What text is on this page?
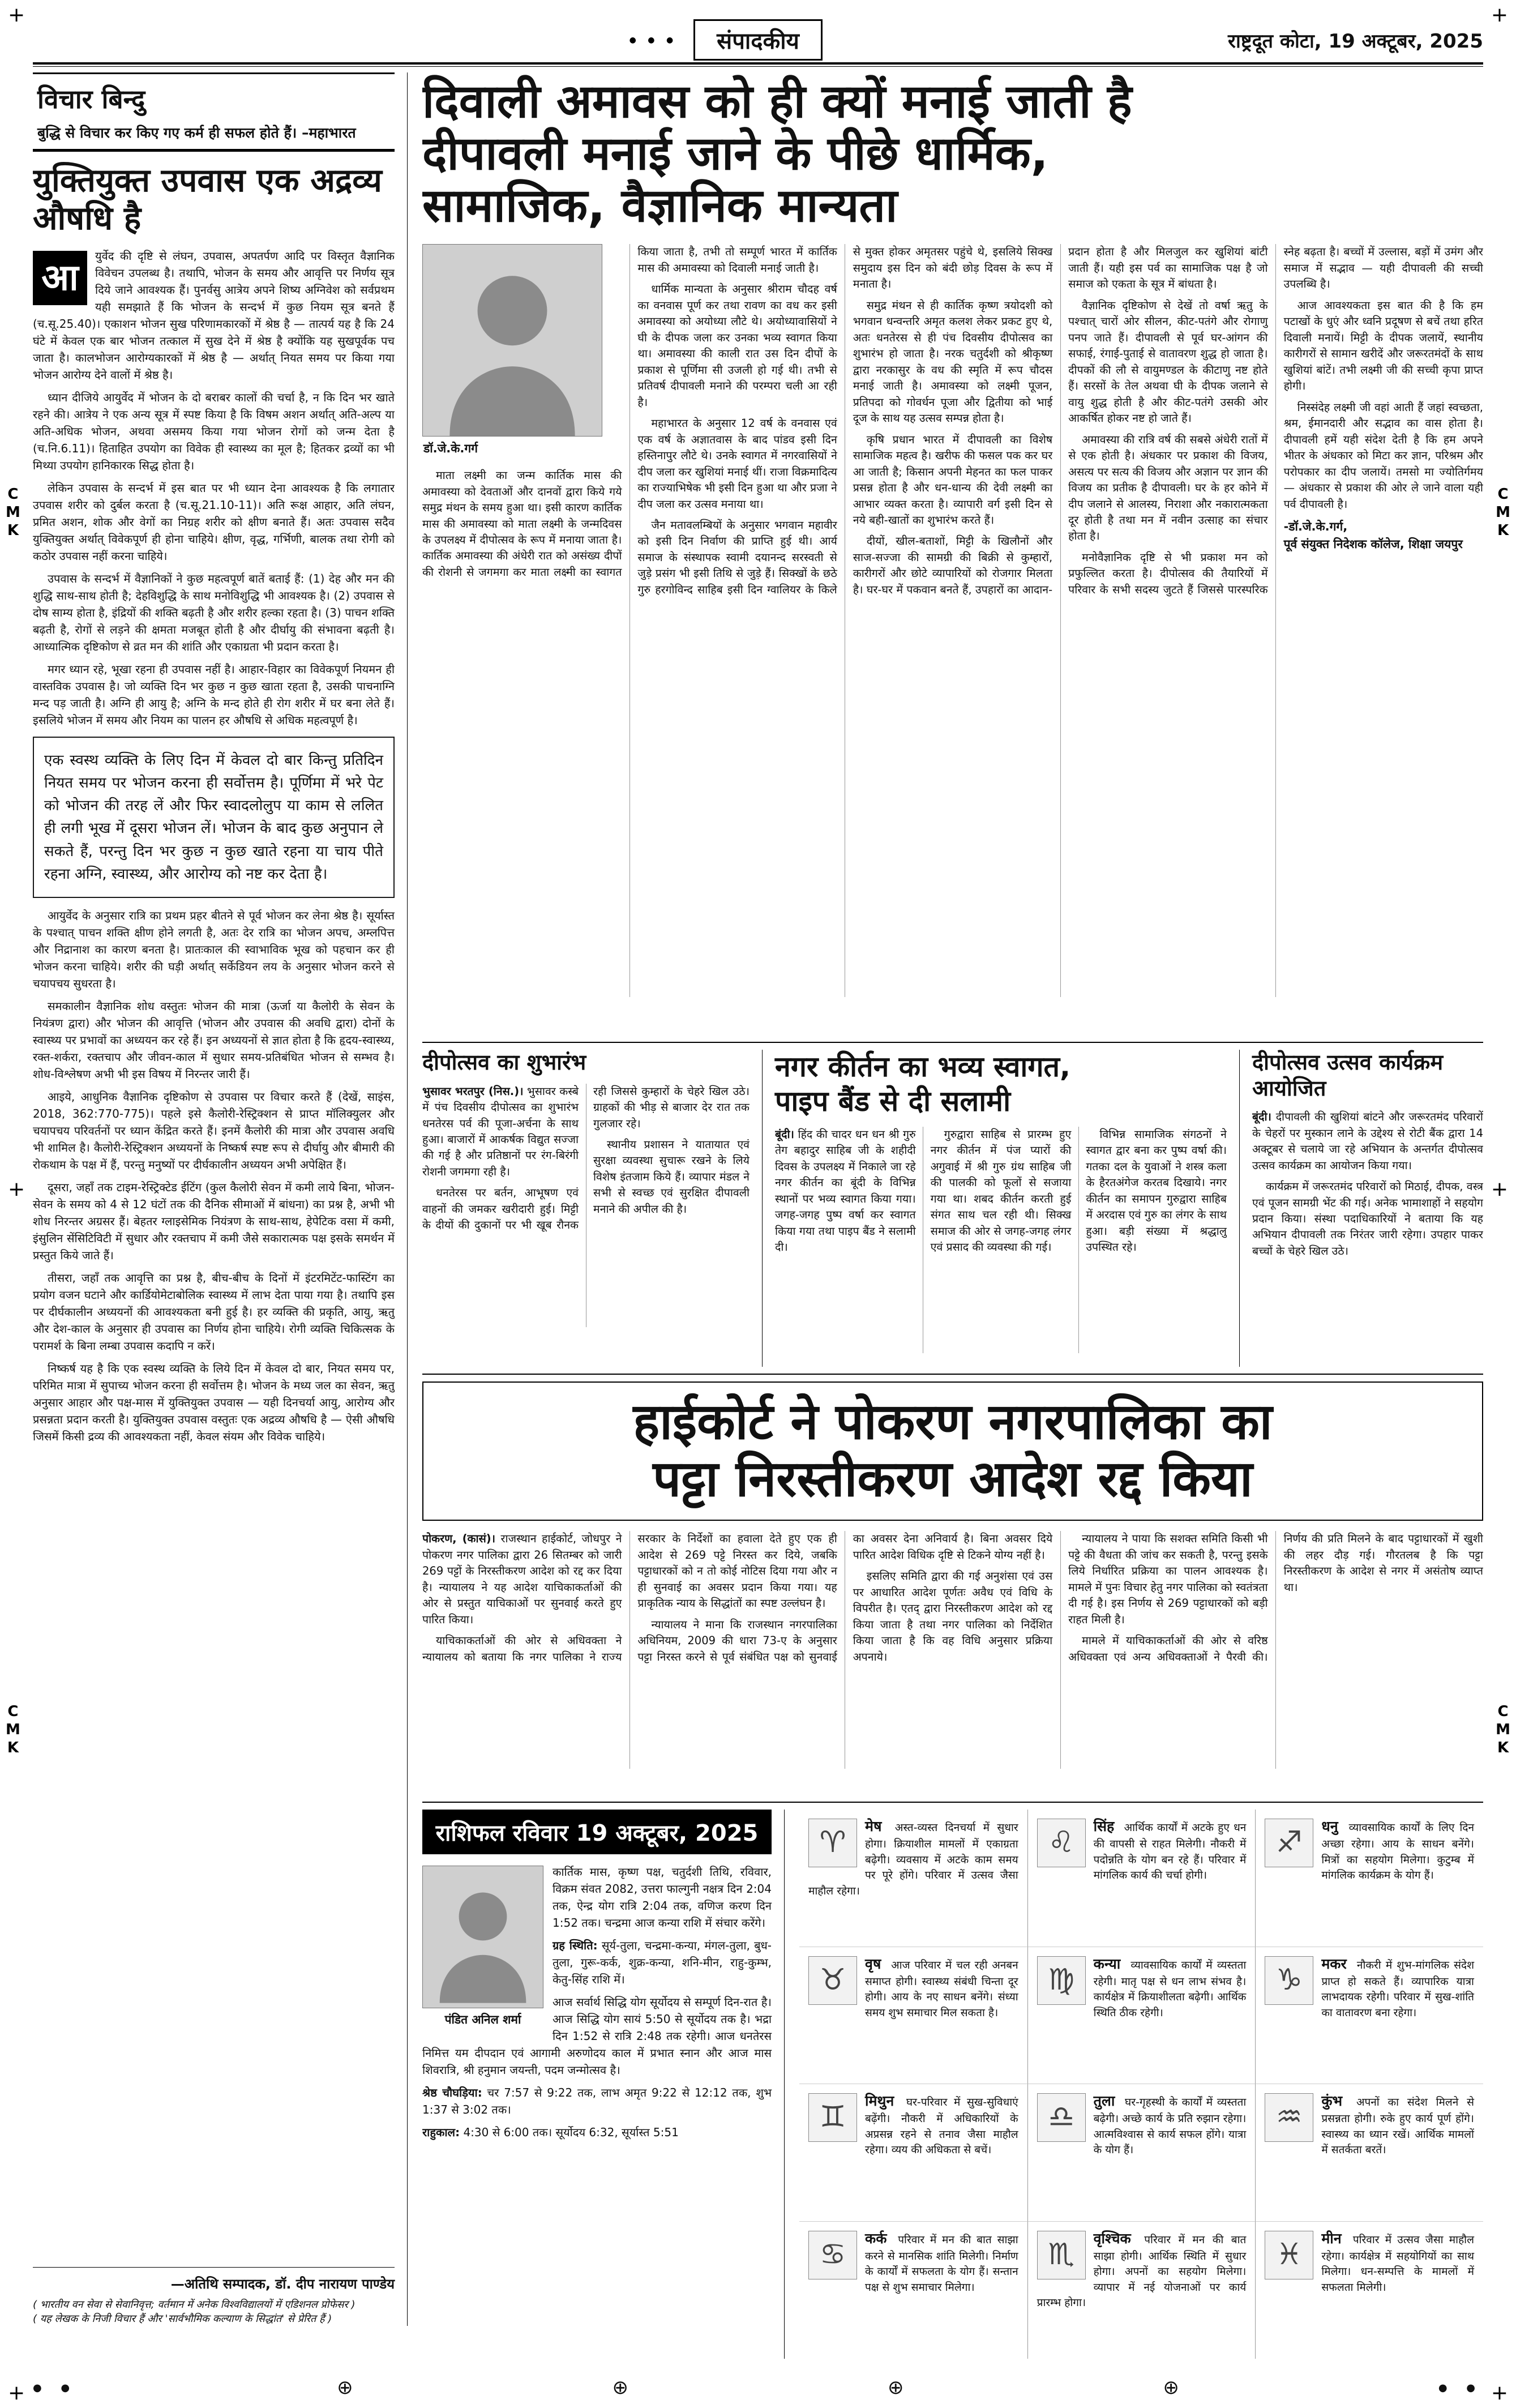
+	+
+	+
+	+
C
M
K
C
M
K
C
M
K
C
M
K
● ● ●	संपादकीय	राष्ट्रदूत कोटा, 19 अक्टूबर, 2025
विचार बिन्दु
बुद्धि से विचार कर किए गए कर्म ही सफल होते हैं। –महाभारत
युक्तियुक्त उपवास एक अद्रव्य औषधि है

आ
युर्वेद की दृष्टि से लंघन, उपवास, अपतर्पण आदि पर विस्तृत वैज्ञानिक विवेचन उपलब्ध है। तथापि, भोजन के समय और आवृत्ति पर निर्णय सूत्र दिये जाने आवश्यक हैं। पुनर्वसु आत्रेय अपने शिष्य अग्निवेश को सर्वप्रथम यही समझाते हैं कि भोजन के सन्दर्भ में कुछ नियम सूत्र बनते हैं (च.सू.25.40)। एकाशन भोजन सुख परिणामकारकों में श्रेष्ठ है — तात्पर्य यह है कि 24 घंटे में केवल एक बार भोजन तत्काल में सुख देने में श्रेष्ठ है क्योंकि यह सुखपूर्वक पच जाता है। कालभोजन आरोग्यकारकों में श्रेष्ठ है — अर्थात् नियत समय पर किया गया भोजन आरोग्य देने वालों में श्रेष्ठ है।

ध्यान दीजिये आयुर्वेद में भोजन के दो बराबर कालों की चर्चा है, न कि दिन भर खाते रहने की। आत्रेय ने एक अन्य सूत्र में स्पष्ट किया है कि विषम अशन अर्थात् अति-अल्प या अति-अधिक भोजन, अथवा असमय किया गया भोजन रोगों को जन्म देता है (च.नि.6.11)। हिताहित उपयोग का विवेक ही स्वास्थ्य का मूल है; हितकर द्रव्यों का भी मिथ्या उपयोग हानिकारक सिद्ध होता है।

लेकिन उपवास के सन्दर्भ में इस बात पर भी ध्यान देना आवश्यक है कि लगातार उपवास शरीर को दुर्बल करता है (च.सू.21.10-11)। अति रूक्ष आहार, अति लंघन, प्रमित अशन, शोक और वेगों का निग्रह शरीर को क्षीण बनाते हैं। अतः उपवास सदैव युक्तियुक्त अर्थात् विवेकपूर्ण ही होना चाहिये। क्षीण, वृद्ध, गर्भिणी, बालक तथा रोगी को कठोर उपवास नहीं करना चाहिये।

उपवास के सन्दर्भ में वैज्ञानिकों ने कुछ महत्वपूर्ण बातें बताई हैं: (1) देह और मन की शुद्धि साथ-साथ होती है; देहविशुद्धि के साथ मनोविशुद्धि भी आवश्यक है। (2) उपवास से दोष साम्य होता है, इंद्रियों की शक्ति बढ़ती है और शरीर हल्का रहता है। (3) पाचन शक्ति बढ़ती है, रोगों से लड़ने की क्षमता मजबूत होती है और दीर्घायु की संभावना बढ़ती है। आध्यात्मिक दृष्टिकोण से व्रत मन की शांति और एकाग्रता भी प्रदान करता है।

मगर ध्यान रहे, भूखा रहना ही उपवास नहीं है। आहार-विहार का विवेकपूर्ण नियमन ही वास्तविक उपवास है। जो व्यक्ति दिन भर कुछ न कुछ खाता रहता है, उसकी पाचनाग्नि मन्द पड़ जाती है। अग्नि ही आयु है; अग्नि के मन्द होते ही रोग शरीर में घर बना लेते हैं। इसलिये भोजन में समय और नियम का पालन हर औषधि से अधिक महत्वपूर्ण है।

एक स्वस्थ व्यक्ति के लिए दिन में केवल दो बार किन्तु प्रतिदिन नियत समय पर भोजन करना ही सर्वोत्तम है। पूर्णिमा में भरे पेट को भोजन की तरह लें और फिर स्वादलोलुप या काम से ललित ही लगी भूख में दूसरा भोजन लें। भोजन के बाद कुछ अनुपान ले सकते हैं, परन्तु दिन भर कुछ न कुछ खाते रहना या चाय पीते रहना अग्नि, स्वास्थ्य, और आरोग्य को नष्ट कर देता है।

आयुर्वेद के अनुसार रात्रि का प्रथम प्रहर बीतने से पूर्व भोजन कर लेना श्रेष्ठ है। सूर्यास्त के पश्चात् पाचन शक्ति क्षीण होने लगती है, अतः देर रात्रि का भोजन अपच, अम्लपित्त और निद्रानाश का कारण बनता है। प्रातःकाल की स्वाभाविक भूख को पहचान कर ही भोजन करना चाहिये। शरीर की घड़ी अर्थात् सर्केडियन लय के अनुसार भोजन करने से चयापचय सुधरता है।

समकालीन वैज्ञानिक शोध वस्तुतः भोजन की मात्रा (ऊर्जा या कैलोरी के सेवन के नियंत्रण द्वारा) और भोजन की आवृत्ति (भोजन और उपवास की अवधि द्वारा) दोनों के स्वास्थ्य पर प्रभावों का अध्ययन कर रहे हैं। इन अध्ययनों से ज्ञात होता है कि हृदय-स्वास्थ्य, रक्त-शर्करा, रक्तचाप और जीवन-काल में सुधार समय-प्रतिबंधित भोजन से सम्भव है। शोध-विश्लेषण अभी भी इस विषय में निरन्तर जारी हैं।

आइये, आधुनिक वैज्ञानिक दृष्टिकोण से उपवास पर विचार करते हैं (देखें, साइंस, 2018, 362:770-775)। पहले इसे कैलोरी-रेस्ट्रिक्शन से प्राप्त मॉलिक्युलर और चयापचय परिवर्तनों पर ध्यान केंद्रित करते हैं। इनमें कैलोरी की मात्रा और उपवास अवधि भी शामिल है। कैलोरी-रेस्ट्रिक्शन अध्ययनों के निष्कर्ष स्पष्ट रूप से दीर्घायु और बीमारी की रोकथाम के पक्ष में हैं, परन्तु मनुष्यों पर दीर्घकालीन अध्ययन अभी अपेक्षित हैं।

दूसरा, जहाँ तक टाइम-रेस्ट्रिक्टेड ईटिंग (कुल कैलोरी सेवन में कमी लाये बिना, भोजन-सेवन के समय को 4 से 12 घंटों तक की दैनिक सीमाओं में बांधना) का प्रश्न है, अभी भी शोध निरन्तर अग्रसर हैं। बेहतर ग्लाइसेमिक नियंत्रण के साथ-साथ, हेपेटिक वसा में कमी, इंसुलिन सेंसिटिविटी में सुधार और रक्तचाप में कमी जैसे सकारात्मक पक्ष इसके समर्थन में प्रस्तुत किये जाते हैं।

तीसरा, जहाँ तक आवृत्ति का प्रश्न है, बीच-बीच के दिनों में इंटरमिटेंट-फास्टिंग का प्रयोग वजन घटाने और कार्डियोमेटाबोलिक स्वास्थ्य में लाभ देता पाया गया है। तथापि इस पर दीर्घकालीन अध्ययनों की आवश्यकता बनी हुई है। हर व्यक्ति की प्रकृति, आयु, ऋतु और देश-काल के अनुसार ही उपवास का निर्णय होना चाहिये। रोगी व्यक्ति चिकित्सक के परामर्श के बिना लम्बा उपवास कदापि न करें।

निष्कर्ष यह है कि एक स्वस्थ व्यक्ति के लिये दिन में केवल दो बार, नियत समय पर, परिमित मात्रा में सुपाच्य भोजन करना ही सर्वोत्तम है। भोजन के मध्य जल का सेवन, ऋतु अनुसार आहार और पक्ष-मास में युक्तियुक्त उपवास — यही दिनचर्या आयु, आरोग्य और प्रसन्नता प्रदान करती है। युक्तियुक्त उपवास वस्तुतः एक अद्रव्य औषधि है — ऐसी औषधि जिसमें किसी द्रव्य की आवश्यकता नहीं, केवल संयम और विवेक चाहिये।

—अतिथि सम्पादक, डॉ. दीप नारायण पाण्डेय
( भारतीय वन सेवा से सेवानिवृत्त; वर्तमान में अनेक विश्वविद्यालयों में एडिशनल प्रोफेसर )
( यह लेखक के निजी विचार हैं और 'सार्वभौमिक कल्याण के सिद्धांत' से प्रेरित हैं )
दिवाली अमावस को ही क्यों मनाई जाती है
दीपावली मनाई जाने के पीछे धार्मिक,
सामाजिक, वैज्ञानिक मान्यता
डॉ.जे.के.गर्ग

माता लक्ष्मी का जन्म कार्तिक मास की अमावस्या को देवताओं और दानवों द्वारा किये गये समुद्र मंथन के समय हुआ था। इसी कारण कार्तिक मास की अमावस्या को माता लक्ष्मी के जन्मदिवस के उपलक्ष्य में दीपोत्सव के रूप में मनाया जाता है। कार्तिक अमावस्या की अंधेरी रात को असंख्य दीपों की रोशनी से जगमगा कर माता लक्ष्मी का स्वागत किया जाता है, तभी तो सम्पूर्ण भारत में कार्तिक मास की अमावस्या को दिवाली मनाई जाती है।

धार्मिक मान्यता के अनुसार श्रीराम चौदह वर्ष का वनवास पूर्ण कर तथा रावण का वध कर इसी अमावस्या को अयोध्या लौटे थे। अयोध्यावासियों ने घी के दीपक जला कर उनका भव्य स्वागत किया था। अमावस्या की काली रात उस दिन दीपों के प्रकाश से पूर्णिमा सी उजली हो गई थी। तभी से प्रतिवर्ष दीपावली मनाने की परम्परा चली आ रही है।

महाभारत के अनुसार 12 वर्ष के वनवास एवं एक वर्ष के अज्ञातवास के बाद पांडव इसी दिन हस्तिनापुर लौटे थे। उनके स्वागत में नगरवासियों ने दीप जला कर खुशियां मनाई थीं। राजा विक्रमादित्य का राज्याभिषेक भी इसी दिन हुआ था और प्रजा ने दीप जला कर उत्सव मनाया था।

जैन मतावलम्बियों के अनुसार भगवान महावीर को इसी दिन निर्वाण की प्राप्ति हुई थी। आर्य समाज के संस्थापक स्वामी दयानन्द सरस्वती से जुड़े प्रसंग भी इसी तिथि से जुड़े हैं। सिक्खों के छठे गुरु हरगोविन्द साहिब इसी दिन ग्वालियर के किले से मुक्त होकर अमृतसर पहुंचे थे, इसलिये सिक्ख समुदाय इस दिन को बंदी छोड़ दिवस के रूप में मनाता है।

समुद्र मंथन से ही कार्तिक कृष्ण त्रयोदशी को भगवान धन्वन्तरि अमृत कलश लेकर प्रकट हुए थे, अतः धनतेरस से ही पंच दिवसीय दीपोत्सव का शुभारंभ हो जाता है। नरक चतुर्दशी को श्रीकृष्ण द्वारा नरकासुर के वध की स्मृति में रूप चौदस मनाई जाती है। अमावस्या को लक्ष्मी पूजन, प्रतिपदा को गोवर्धन पूजा और द्वितीया को भाई दूज के साथ यह उत्सव सम्पन्न होता है।

कृषि प्रधान भारत में दीपावली का विशेष सामाजिक महत्व है। खरीफ की फसल पक कर घर आ जाती है; किसान अपनी मेहनत का फल पाकर प्रसन्न होता है और धन-धान्य की देवी लक्ष्मी का आभार व्यक्त करता है। व्यापारी वर्ग इसी दिन से नये बही-खातों का शुभारंभ करते हैं।

दीयों, खील-बताशों, मिट्टी के खिलौनों और साज-सज्जा की सामग्री की बिक्री से कुम्हारों, कारीगरों और छोटे व्यापारियों को रोजगार मिलता है। घर-घर में पकवान बनते हैं, उपहारों का आदान-प्रदान होता है और मिलजुल कर खुशियां बांटी जाती हैं। यही इस पर्व का सामाजिक पक्ष है जो समाज को एकता के सूत्र में बांधता है।

वैज्ञानिक दृष्टिकोण से देखें तो वर्षा ऋतु के पश्चात् चारों ओर सीलन, कीट-पतंगे और रोगाणु पनप जाते हैं। दीपावली से पूर्व घर-आंगन की सफाई, रंगाई-पुताई से वातावरण शुद्ध हो जाता है। दीपकों की लौ से वायुमण्डल के कीटाणु नष्ट होते हैं। सरसों के तेल अथवा घी के दीपक जलाने से वायु शुद्ध होती है और कीट-पतंगे उसकी ओर आकर्षित होकर नष्ट हो जाते हैं।

अमावस्या की रात्रि वर्ष की सबसे अंधेरी रातों में से एक होती है। अंधकार पर प्रकाश की विजय, असत्य पर सत्य की विजय और अज्ञान पर ज्ञान की विजय का प्रतीक है दीपावली। घर के हर कोने में दीप जलाने से आलस्य, निराशा और नकारात्मकता दूर होती है तथा मन में नवीन उत्साह का संचार होता है।

मनोवैज्ञानिक दृष्टि से भी प्रकाश मन को प्रफुल्लित करता है। दीपोत्सव की तैयारियों में परिवार के सभी सदस्य जुटते हैं जिससे पारस्परिक स्नेह बढ़ता है। बच्चों में उल्लास, बड़ों में उमंग और समाज में सद्भाव — यही दीपावली की सच्ची उपलब्धि है।

आज आवश्यकता इस बात की है कि हम पटाखों के धुएं और ध्वनि प्रदूषण से बचें तथा हरित दिवाली मनायें। मिट्टी के दीपक जलायें, स्थानीय कारीगरों से सामान खरीदें और जरूरतमंदों के साथ खुशियां बांटें। तभी लक्ष्मी जी की सच्ची कृपा प्राप्त होगी।

निस्संदेह लक्ष्मी जी वहां आती हैं जहां स्वच्छता, श्रम, ईमानदारी और सद्भाव का वास होता है। दीपावली हमें यही संदेश देती है कि हम अपने भीतर के अंधकार को मिटा कर ज्ञान, परिश्रम और परोपकार का दीप जलायें। तमसो मा ज्योतिर्गमय — अंधकार से प्रकाश की ओर ले जाने वाला यही पर्व दीपावली है।

-डॉ.जे.के.गर्ग,
पूर्व संयुक्त निदेशक कॉलेज, शिक्षा जयपुर
दीपोत्सव का शुभारंभ

भुसावर भरतपुर (निस.)। भुसावर कस्बे में पंच दिवसीय दीपोत्सव का शुभारंभ धनतेरस पर्व की पूजा-अर्चना के साथ हुआ। बाजारों में आकर्षक विद्युत सज्जा की गई है और प्रतिष्ठानों पर रंग-बिरंगी रोशनी जगमगा रही है।

धनतेरस पर बर्तन, आभूषण एवं वाहनों की जमकर खरीदारी हुई। मिट्टी के दीयों की दुकानों पर भी खूब रौनक रही जिससे कुम्हारों के चेहरे खिल उठे। ग्राहकों की भीड़ से बाजार देर रात तक गुलजार रहे।

स्थानीय प्रशासन ने यातायात एवं सुरक्षा व्यवस्था सुचारू रखने के लिये विशेष इंतजाम किये हैं। व्यापार मंडल ने सभी से स्वच्छ एवं सुरक्षित दीपावली मनाने की अपील की है।

नगर कीर्तन का भव्य स्वागत,
पाइप बैंड से दी सलामी

बूंदी। हिंद की चादर धन धन श्री गुरु तेग बहादुर साहिब जी के शहीदी दिवस के उपलक्ष्य में निकाले जा रहे नगर कीर्तन का बूंदी के विभिन्न स्थानों पर भव्य स्वागत किया गया। जगह-जगह पुष्प वर्षा कर स्वागत किया गया तथा पाइप बैंड ने सलामी दी।

गुरुद्वारा साहिब से प्रारम्भ हुए नगर कीर्तन में पंज प्यारों की अगुवाई में श्री गुरु ग्रंथ साहिब जी की पालकी को फूलों से सजाया गया था। शबद कीर्तन करती हुई संगत साथ चल रही थी। सिक्ख समाज की ओर से जगह-जगह लंगर एवं प्रसाद की व्यवस्था की गई।

विभिन्न सामाजिक संगठनों ने स्वागत द्वार बना कर पुष्प वर्षा की। गतका दल के युवाओं ने शस्त्र कला के हैरतअंगेज करतब दिखाये। नगर कीर्तन का समापन गुरुद्वारा साहिब में अरदास एवं गुरु का लंगर के साथ हुआ। बड़ी संख्या में श्रद्धालु उपस्थित रहे।

दीपोत्सव उत्सव कार्यक्रम आयोजित

बूंदी। दीपावली की खुशियां बांटने और जरूरतमंद परिवारों के चेहरों पर मुस्कान लाने के उद्देश्य से रोटी बैंक द्वारा 14 अक्टूबर से चलाये जा रहे अभियान के अन्तर्गत दीपोत्सव उत्सव कार्यक्रम का आयोजन किया गया।

कार्यक्रम में जरूरतमंद परिवारों को मिठाई, दीपक, वस्त्र एवं पूजन सामग्री भेंट की गई। अनेक भामाशाहों ने सहयोग प्रदान किया। संस्था पदाधिकारियों ने बताया कि यह अभियान दीपावली तक निरंतर जारी रहेगा। उपहार पाकर बच्चों के चेहरे खिल उठे।

हाईकोर्ट ने पोकरण नगरपालिका का
पट्टा निरस्तीकरण आदेश रद्द किया

पोकरण, (कासं)। राजस्थान हाईकोर्ट, जोधपुर ने पोकरण नगर पालिका द्वारा 26 सितम्बर को जारी 269 पट्टों के निरस्तीकरण आदेश को रद्द कर दिया है। न्यायालय ने यह आदेश याचिकाकर्ताओं की ओर से प्रस्तुत याचिकाओं पर सुनवाई करते हुए पारित किया।

याचिकाकर्ताओं की ओर से अधिवक्ता ने न्यायालय को बताया कि नगर पालिका ने राज्य सरकार के निर्देशों का हवाला देते हुए एक ही आदेश से 269 पट्टे निरस्त कर दिये, जबकि पट्टाधारकों को न तो कोई नोटिस दिया गया और न ही सुनवाई का अवसर प्रदान किया गया। यह प्राकृतिक न्याय के सिद्धांतों का स्पष्ट उल्लंघन है।

न्यायालय ने माना कि राजस्थान नगरपालिका अधिनियम, 2009 की धारा 73-ए के अनुसार पट्टा निरस्त करने से पूर्व संबंधित पक्ष को सुनवाई का अवसर देना अनिवार्य है। बिना अवसर दिये पारित आदेश विधिक दृष्टि से टिकने योग्य नहीं है।

इसलिए समिति द्वारा की गई अनुशंसा एवं उस पर आधारित आदेश पूर्णतः अवैध एवं विधि के विपरीत है। एतद् द्वारा निरस्तीकरण आदेश को रद्द किया जाता है तथा नगर पालिका को निर्देशित किया जाता है कि वह विधि अनुसार प्रक्रिया अपनाये।

न्यायालय ने पाया कि सशक्त समिति किसी भी पट्टे की वैधता की जांच कर सकती है, परन्तु इसके लिये निर्धारित प्रक्रिया का पालन आवश्यक है। मामले में पुनः विचार हेतु नगर पालिका को स्वतंत्रता दी गई है। इस निर्णय से 269 पट्टाधारकों को बड़ी राहत मिली है।

मामले में याचिकाकर्ताओं की ओर से वरिष्ठ अधिवक्ता एवं अन्य अधिवक्ताओं ने पैरवी की। निर्णय की प्रति मिलने के बाद पट्टाधारकों में खुशी की लहर दौड़ गई। गौरतलब है कि पट्टा निरस्तीकरण के आदेश से नगर में असंतोष व्याप्त था।

राशिफल रविवार 19 अक्टूबर, 2025
पंडित अनिल शर्मा

कार्तिक मास, कृष्ण पक्ष, चतुर्दशी तिथि, रविवार, विक्रम संवत 2082, उत्तरा फाल्गुनी नक्षत्र दिन 2:04 तक, ऐन्द्र योग रात्रि 2:04 तक, वणिज करण दिन 1:52 तक। चन्द्रमा आज कन्या राशि में संचार करेंगे।

ग्रह स्थिति: सूर्य-तुला, चन्द्रमा-कन्या, मंगल-तुला, बुध-तुला, गुरू-कर्क, शुक्र-कन्या, शनि-मीन, राहु-कुम्भ, केतु-सिंह राशि में।

आज सर्वार्थ सिद्धि योग सूर्योदय से सम्पूर्ण दिन-रात है। आज सिद्धि योग सायं 5:50 से सूर्योदय तक है। भद्रा दिन 1:52 से रात्रि 2:48 तक रहेगी। आज धनतेरस निमित्त यम दीपदान एवं आगामी अरुणोदय काल में प्रभात स्नान और आज मास शिवरात्रि, श्री हनुमान जयन्ती, पदम जन्मोत्सव है।

श्रेष्ठ चौघड़िया: चर 7:57 से 9:22 तक, लाभ अमृत 9:22 से 12:12 तक, शुभ 1:37 से 3:02 तक।

राहुकाल: 4:30 से 6:00 तक। सूर्योदय 6:32, सूर्यास्त 5:51

♈	मेष अस्त-व्यस्त दिनचर्या में सुधार होगा। क्रियाशील मामलों में एकाग्रता बढ़ेगी। व्यवसाय में अटके काम समय पर पूरे होंगे। परिवार में उत्सव जैसा माहौल रहेगा।
♉	वृष आज परिवार में चल रही अनबन समाप्त होगी। स्वास्थ्य संबंधी चिन्ता दूर होगी। आय के नए साधन बनेंगे। संध्या समय शुभ समाचार मिल सकता है।
♊	मिथुन घर-परिवार में सुख-सुविधाएं बढ़ेंगी। नौकरी में अधिकारियों के अप्रसन्न रहने से तनाव जैसा माहौल रहेगा। व्यय की अधिकता से बचें।
♋	कर्क परिवार में मन की बात साझा करने से मानसिक शांति मिलेगी। निर्माण के कार्यों में सफलता के योग हैं। सन्तान पक्ष से शुभ समाचार मिलेगा।
♌	सिंह आर्थिक कार्यों में अटके हुए धन की वापसी से राहत मिलेगी। नौकरी में पदोन्नति के योग बन रहे हैं। परिवार में मांगलिक कार्य की चर्चा होगी।
♍	कन्या व्यावसायिक कार्यों में व्यस्तता रहेगी। मातृ पक्ष से धन लाभ संभव है। कार्यक्षेत्र में क्रियाशीलता बढ़ेगी। आर्थिक स्थिति ठीक रहेगी।
♎	तुला घर-गृहस्थी के कार्यों में व्यस्तता बढ़ेगी। अच्छे कार्य के प्रति रुझान रहेगा। आत्मविश्वास से कार्य सफल होंगे। यात्रा के योग हैं।
♏	वृश्चिक परिवार में मन की बात साझा होगी। आर्थिक स्थिति में सुधार होगा। अपनों का सहयोग मिलेगा। व्यापार में नई योजनाओं पर कार्य प्रारम्भ होगा।
♐	धनु व्यावसायिक कार्यों के लिए दिन अच्छा रहेगा। आय के साधन बनेंगे। मित्रों का सहयोग मिलेगा। कुटुम्ब में मांगलिक कार्यक्रम के योग हैं।
♑	मकर नौकरी में शुभ-मांगलिक संदेश प्राप्त हो सकते हैं। व्यापारिक यात्रा लाभदायक रहेगी। परिवार में सुख-शांति का वातावरण बना रहेगा।
♒	कुंभ अपनों का संदेश मिलने से प्रसन्नता होगी। रुके हुए कार्य पूर्ण होंगे। स्वास्थ्य का ध्यान रखें। आर्थिक मामलों में सतर्कता बरतें।
♓	मीन परिवार में उत्सव जैसा माहौल रहेगा। कार्यक्षेत्र में सहयोगियों का साथ मिलेगा। धन-सम्पत्ति के मामलों में सफलता मिलेगी।
● ●	⊕	⊕	⊕	⊕	● ●
